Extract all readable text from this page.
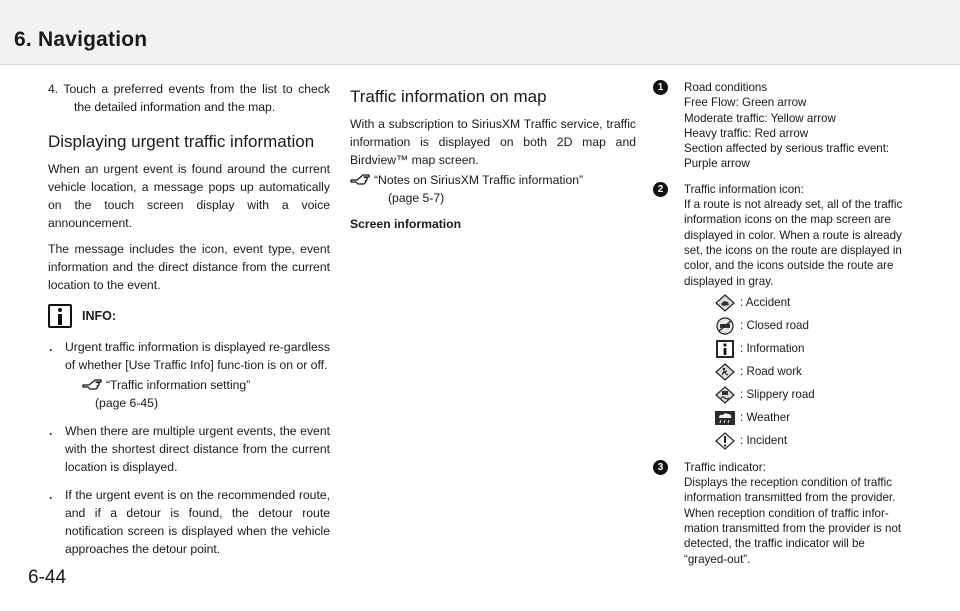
6. Navigation

4. Touch a preferred events from the list to check the detailed information and the map.

Displaying urgent traffic information

When an urgent event is found around the current vehicle location, a message pops up automatically on the touch screen display with a voice announcement.

The message includes the icon, event type, event information and the direct distance from the current location to the event.

INFO:
. Urgent traffic information is displayed re-gardless of whether [Use Traffic Info] func-tion is on or off.
“Traffic information setting”
(page 6-45)
. When there are multiple urgent events, the event with the shortest direct distance from the current location is displayed.
. If the urgent event is on the recommended route, and if a detour is found, the detour route notification screen is displayed when the vehicle approaches the detour point.
Traffic information on map

With a subscription to SiriusXM Traffic service, traffic information is displayed on both 2D map and Birdview™ map screen.

“Notes on SiriusXM Traffic information”
(page 5-7)
Screen information
1	Road conditions
Free Flow: Green arrow
Moderate traffic: Yellow arrow
Heavy traffic: Red arrow
Section affected by serious traffic event:
Purple arrow
2	Traffic information icon:
If a route is not already set, all of the traffic
information icons on the map screen are
displayed in color. When a route is already
set, the icons on the route are displayed in
color, and the icons outside the route are
displayed in gray.
: Accident
: Closed road
: Information
: Road work
: Slippery road
: Weather
: Incident
3	Traffic indicator:
Displays the reception condition of traffic
information transmitted from the provider.
When reception condition of traffic infor-
mation transmitted from the provider is not
detected, the traffic indicator will be
“grayed-out”.
6-44
